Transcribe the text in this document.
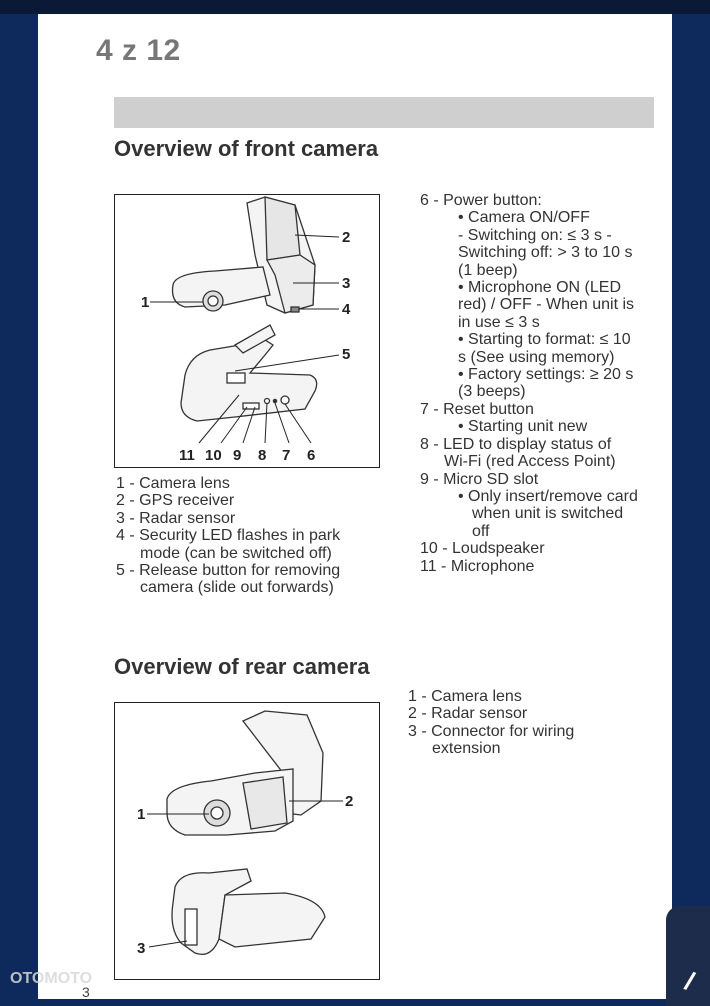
4 z 12
Overview of front camera
1
2
3
4
5
11 10 9 8 7 6
1 - Camera lens
2 - GPS receiver
3 - Radar sensor
4 - Security LED flashes in park
mode (can be switched off)
5 - Release button for removing
camera (slide out forwards)
6 - Power button:
• Camera ON/OFF
- Switching on: ≤ 3 s -
Switching off: > 3 to 10 s
(1 beep)
• Microphone ON (LED
red) / OFF - When unit is
in use ≤ 3 s
• Starting to format: ≤ 10
s (See using memory)
• Factory settings: ≥ 20 s
(3 beeps)
7 - Reset button
• Starting unit new
8 - LED to display status of
Wi-Fi (red Access Point)
9 - Micro SD slot
• Only insert/remove card
when unit is switched
off
10 - Loudspeaker
11 - Microphone
Overview of rear camera
1
2
3
1 - Camera lens
2 - Radar sensor
3 - Connector for wiring
extension
OTOMOTO
3	/
